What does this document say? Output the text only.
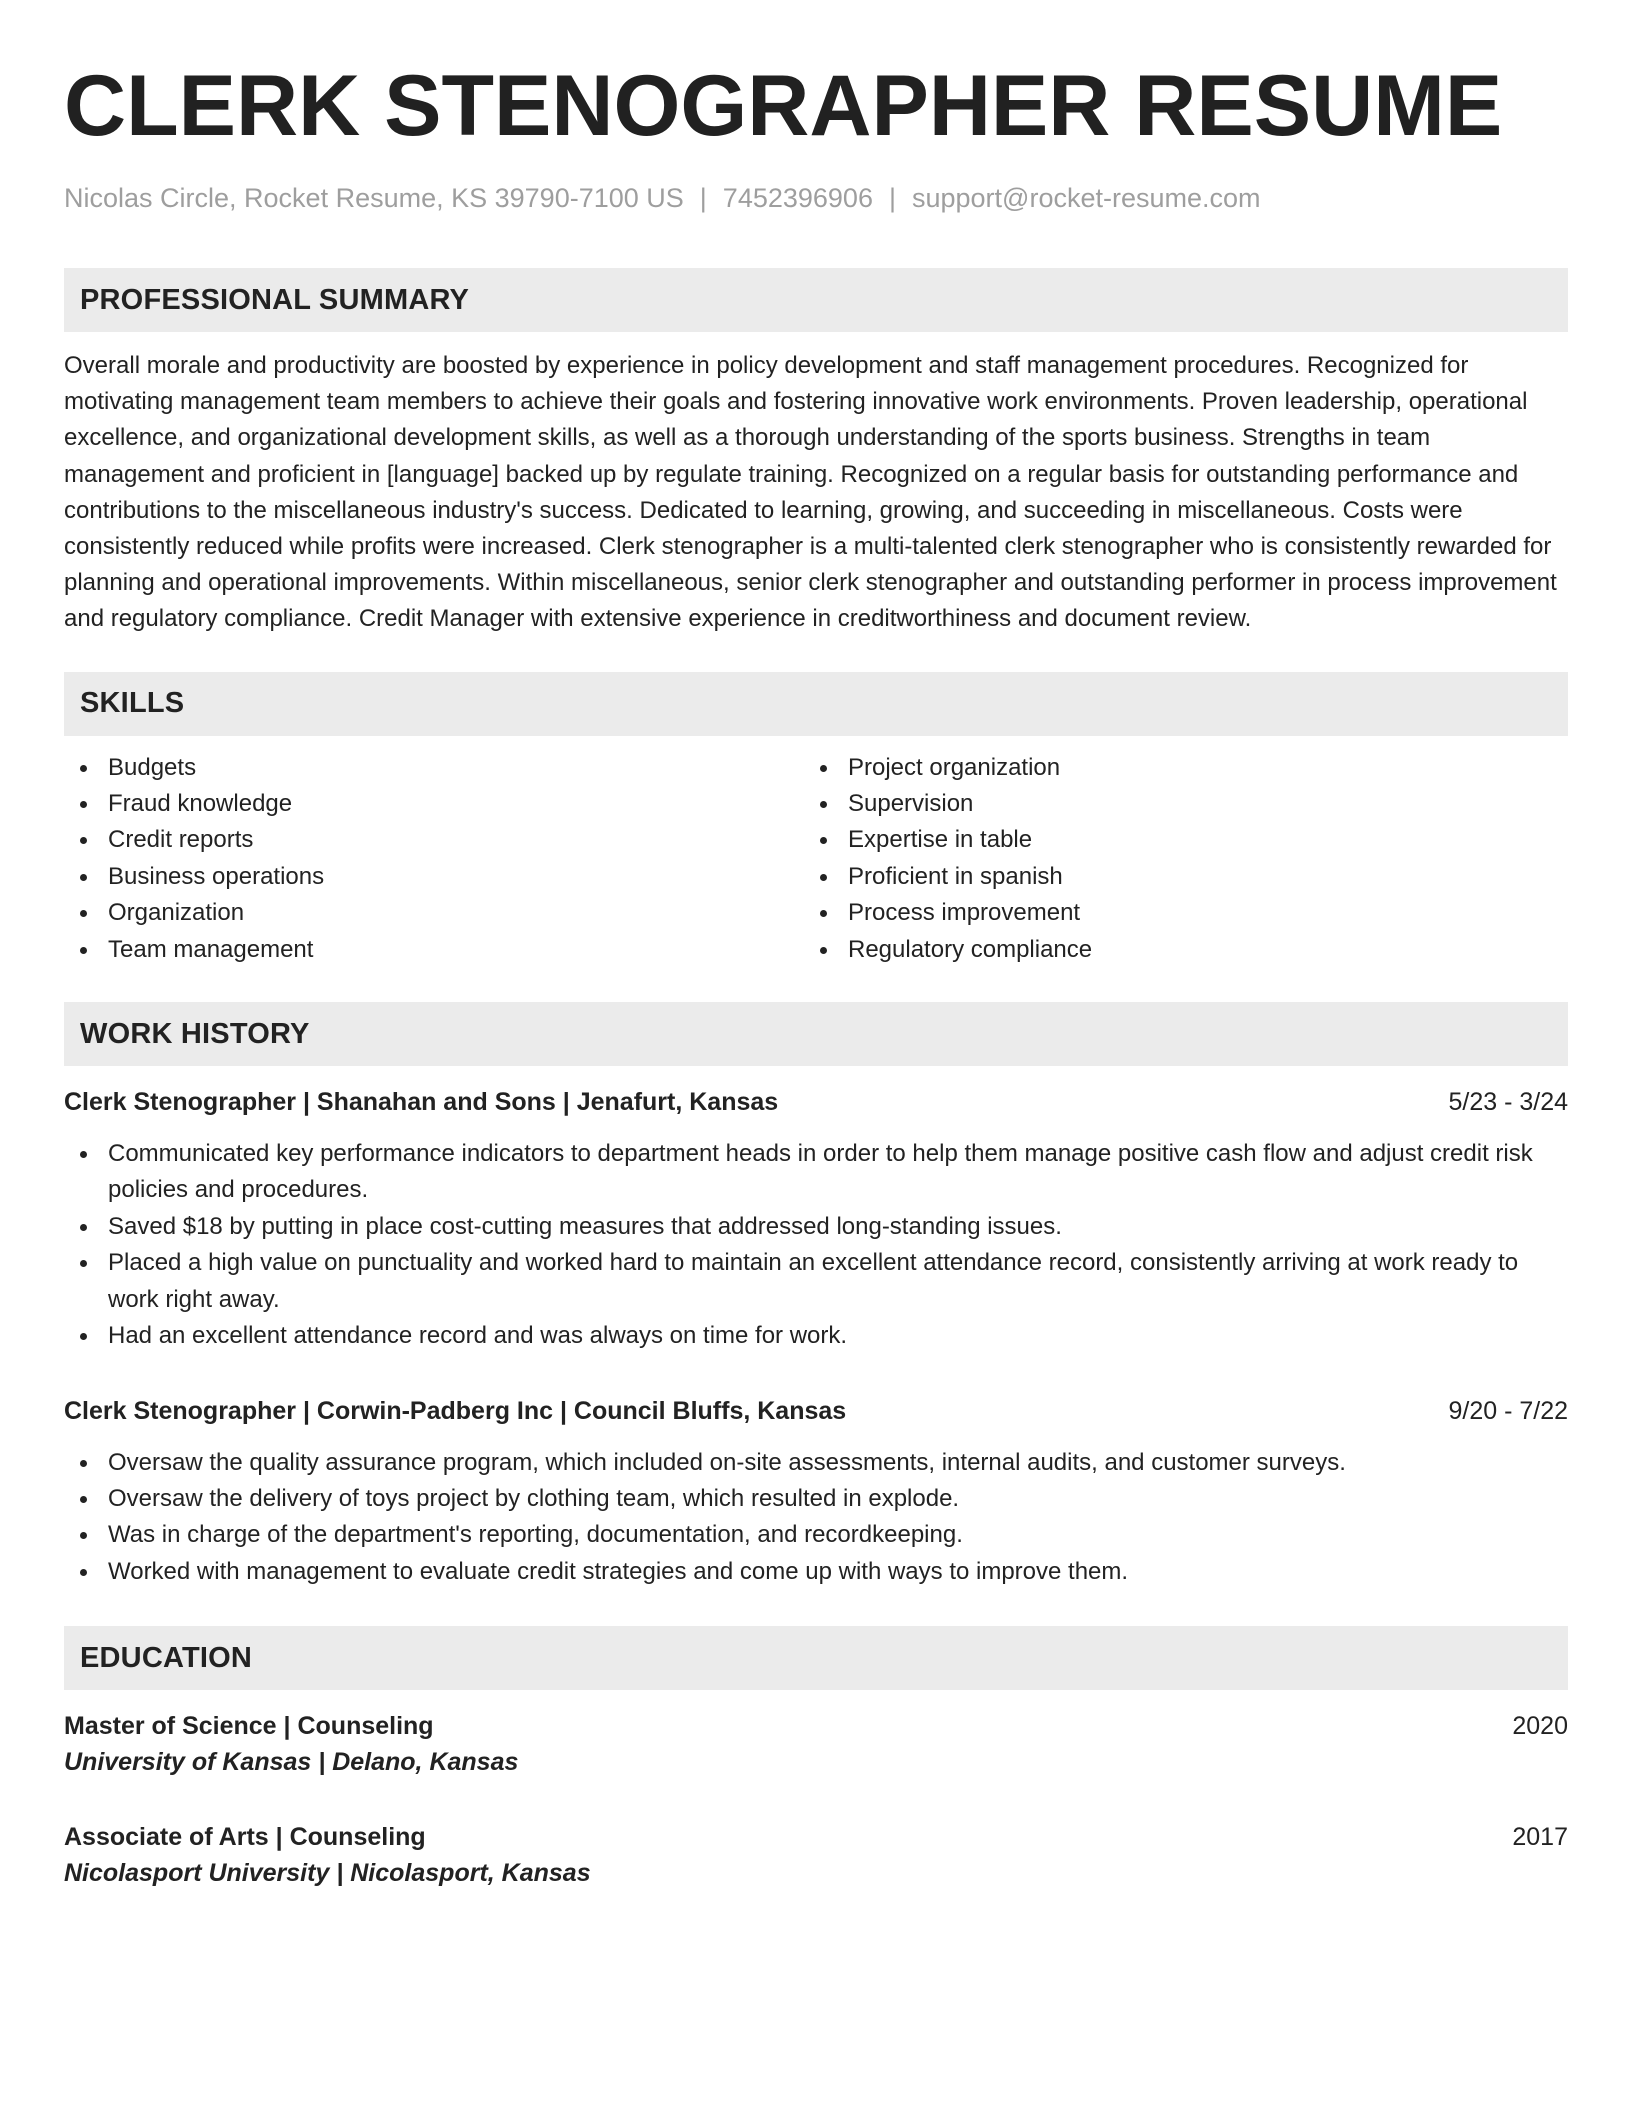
CLERK STENOGRAPHER RESUME
Nicolas Circle, Rocket Resume, KS 39790-7100 US | 7452396906 | support@rocket-resume.com
PROFESSIONAL SUMMARY
Overall morale and productivity are boosted by experience in policy development and staff management procedures. Recognized for motivating management team members to achieve their goals and fostering innovative work environments. Proven leadership, operational excellence, and organizational development skills, as well as a thorough understanding of the sports business. Strengths in team management and proficient in [language] backed up by regulate training. Recognized on a regular basis for outstanding performance and contributions to the miscellaneous industry's success. Dedicated to learning, growing, and succeeding in miscellaneous. Costs were consistently reduced while profits were increased. Clerk stenographer is a multi-talented clerk stenographer who is consistently rewarded for planning and operational improvements. Within miscellaneous, senior clerk stenographer and outstanding performer in process improvement and regulatory compliance. Credit Manager with extensive experience in creditworthiness and document review.
SKILLS
Budgets
Fraud knowledge
Credit reports
Business operations
Organization
Team management
Project organization
Supervision
Expertise in table
Proficient in spanish
Process improvement
Regulatory compliance
WORK HISTORY
Clerk Stenographer | Shanahan and Sons | Jenafurt, Kansas	5/23 - 3/24
Communicated key performance indicators to department heads in order to help them manage positive cash flow and adjust credit risk policies and procedures.
Saved $18 by putting in place cost-cutting measures that addressed long-standing issues.
Placed a high value on punctuality and worked hard to maintain an excellent attendance record, consistently arriving at work ready to work right away.
Had an excellent attendance record and was always on time for work.
Clerk Stenographer | Corwin-Padberg Inc | Council Bluffs, Kansas	9/20 - 7/22
Oversaw the quality assurance program, which included on-site assessments, internal audits, and customer surveys.
Oversaw the delivery of toys project by clothing team, which resulted in explode.
Was in charge of the department's reporting, documentation, and recordkeeping.
Worked with management to evaluate credit strategies and come up with ways to improve them.
EDUCATION
Master of Science | Counseling	2020
University of Kansas | Delano, Kansas
Associate of Arts | Counseling	2017
Nicolasport University | Nicolasport, Kansas
